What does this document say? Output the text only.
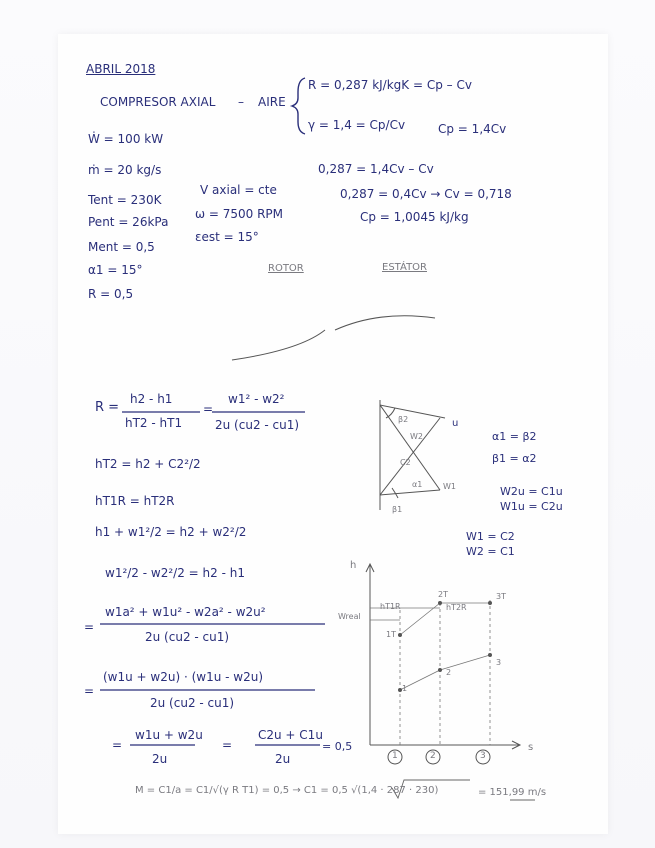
ABRIL 2018
COMPRESOR AXIAL – AIRE
R = 0,287 kJ/kgK = Cp – Cv
γ = 1,4 = Cp/Cv	Cp = 1,4Cv
0,287 = 1,4Cv – Cv
0,287 = 0,4Cv → Cv = 0,718
Cp = 1,0045 kJ/kg
Ẇ = 100 kW
ṁ = 20 kg/s
Tent = 230K
Pent = 26kPa
Ment = 0,5
α1 = 15°
R = 0,5
V axial = cte
ω = 7500 RPM
εest = 15°
ROTOR	ESTÁTOR
R =
h2 - h1
hT2 - hT1
=
w1² - w2²
2u (cu2 - cu1)
hT2 = h2 + C2²/2
hT1R = hT2R
h1 + w1²/2 = h2 + w2²/2
w1²/2 - w2²/2 = h2 - h1
=
w1a² + w1u² - w2a² - w2u²
2u (cu2 - cu1)
=
(w1u + w2u) · (w1u - w2u)
2u (cu2 - cu1)
=
w1u + w2u
2u
=
C2u + C1u
2u
= 0,5
β2	u
W2
C2
α1	W1
β1
α1 = β2
β1 = α2
W2u = C1u
W1u = C2u
W1 = C2
W2 = C1
h
s
Wreal
2T
hT1R	hT2R
3T
1T
2
3
1
1	2	3
M = C1/a = C1/√(γ R T1) = 0,5 → C1 = 0,5 √(1,4 · 287 · 230)	= 151,99 m/s
